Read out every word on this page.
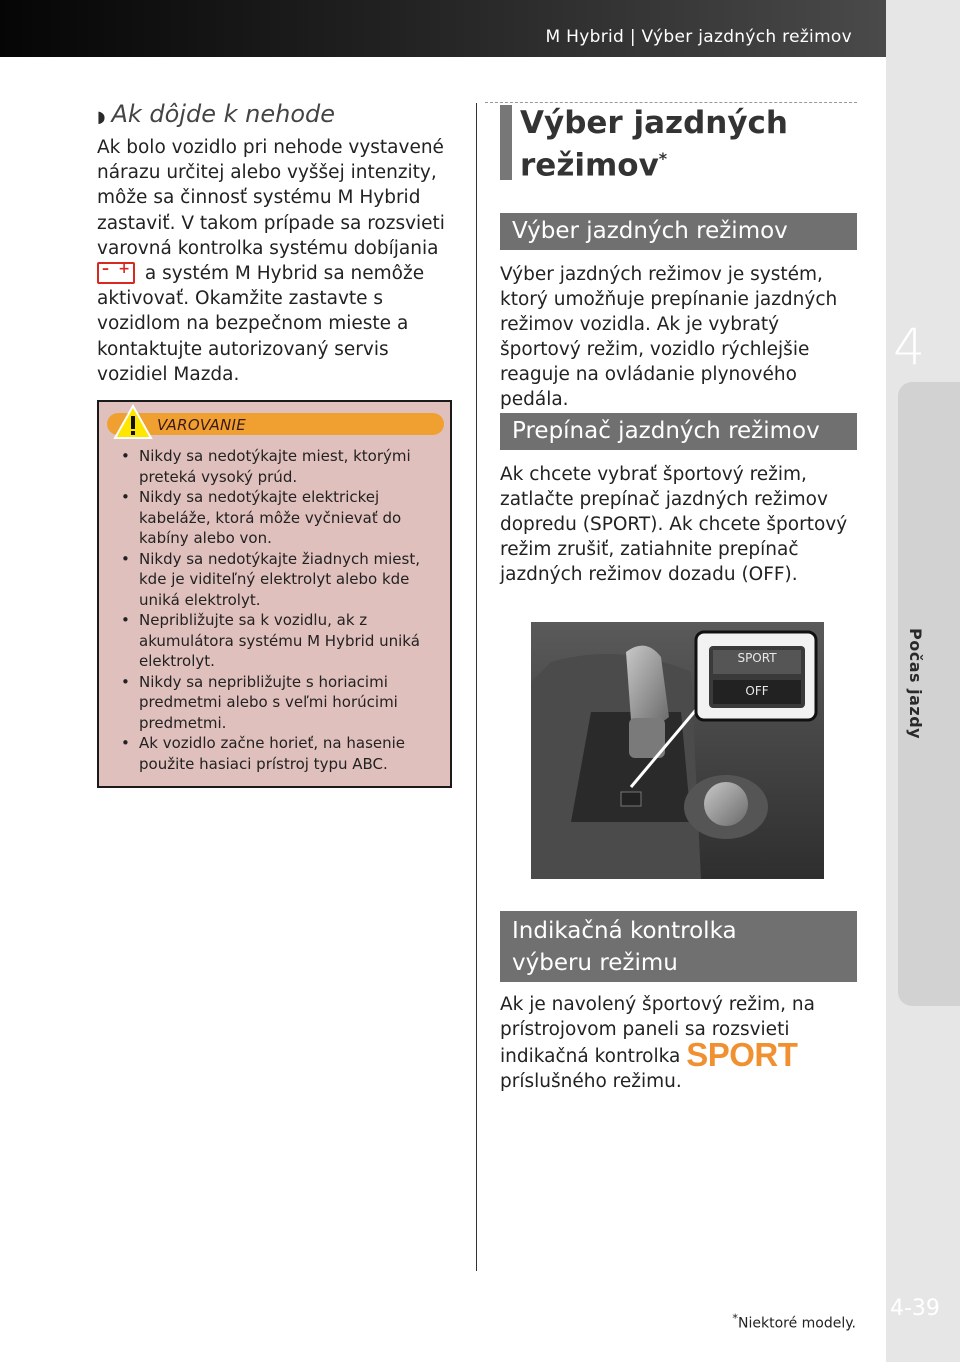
M Hybrid | Výber jazdných režimov
4
Počas jazdy
4-39
◗ Ak dôjde k nehode
Ak bolo vozidlo pri nehode vystavené nárazu určitej alebo vyššej intenzity, môže sa činnosť systému M Hybrid zastaviť. V takom prípade sa rozsvieti varovná kontrolka systému dobíjania
– + a systém M Hybrid sa nemôže aktivovať. Okamžite zastavte s vozidlom na bezpečnom mieste a kontaktujte autorizovaný servis vozidiel Mazda.
VAROVANIE
• Nikdy sa nedotýkajte miest, ktorými preteká vysoký prúd.
• Nikdy sa nedotýkajte elektrickej kabeláže, ktorá môže vyčnievať do kabíny alebo von.
• Nikdy sa nedotýkajte žiadnych miest, kde je viditeľný elektrolyt alebo kde uniká elektrolyt.
• Nepribližujte sa k vozidlu, ak z akumulátora systému M Hybrid uniká elektrolyt.
• Nikdy sa nepribližujte s horiacimi predmetmi alebo s veľmi horúcimi predmetmi.
• Ak vozidlo začne horieť, na hasenie použite hasiaci prístroj typu ABC.
Výber jazdných
režimov*
Výber jazdných režimov
Výber jazdných režimov je systém, ktorý umožňuje prepínanie jazdných režimov vozidla. Ak je vybratý športový režim, vozidlo rýchlejšie reaguje na ovládanie plynového pedála.
Prepínač jazdných režimov
Ak chcete vybrať športový režim, zatlačte prepínač jazdných režimov dopredu (SPORT). Ak chcete športový režim zrušiť, zatiahnite prepínač jazdných režimov dozadu (OFF).
SPORT
OFF
Indikačná kontrolka
výberu režimu
Ak je navolený športový režim, na prístrojovom paneli sa rozsvieti indikačná kontrolka SPORT príslušného režimu.
*Niektoré modely.
